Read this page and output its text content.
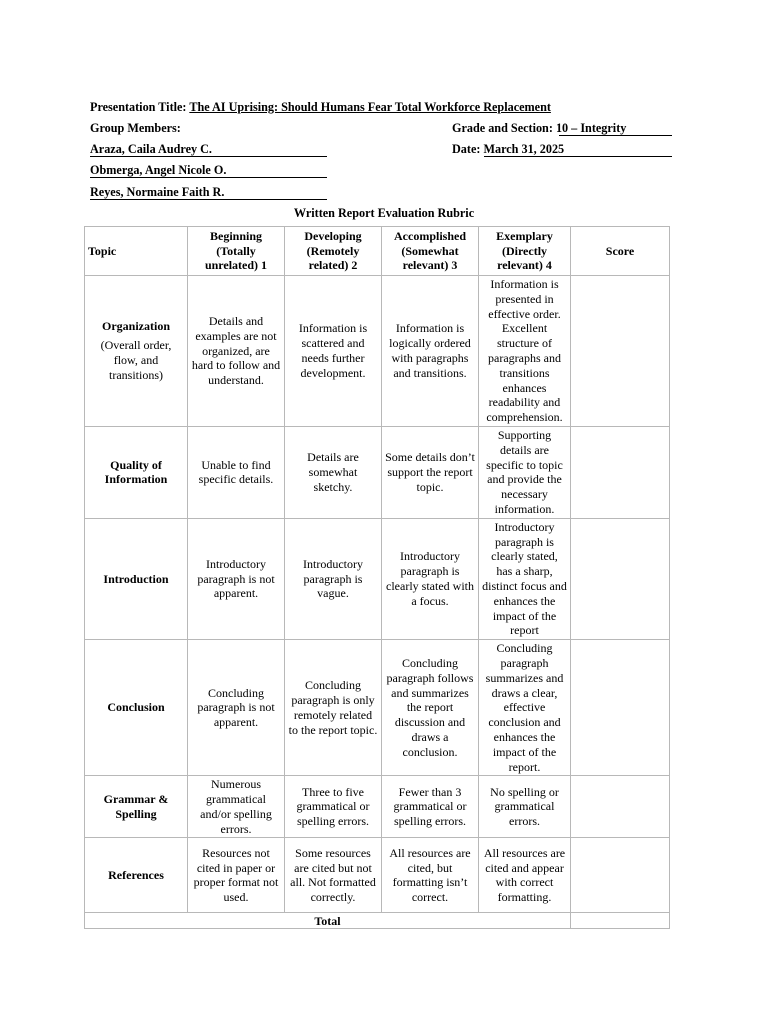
Presentation Title: The AI Uprising: Should Humans Fear Total Workforce Replacement
Group Members:	Grade and Section: 10 – Integrity
Araza, Caila Audrey C.	Date: March 31, 2025
Obmerga, Angel Nicole O.
Reyes, Normaine Faith R.
Written Report Evaluation Rubric
Topic	Beginning (Totally unrelated) 1	Developing (Remotely related) 2	Accomplished (Somewhat relevant) 3	Exemplary (Directly relevant) 4	Score
Organization
(Overall order, flow, and transitions)	Details and examples are not organized, are hard to follow and understand.	Information is scattered and needs further development.	Information is logically ordered with paragraphs and transitions.	Information is presented in effective order. Excellent structure of paragraphs and transitions enhances readability and comprehension.	
Quality of Information	Unable to find specific details.	Details are somewhat sketchy.	Some details don’t support the report topic.	Supporting details are specific to topic and provide the necessary information.	
Introduction	Introductory paragraph is not apparent.	Introductory paragraph is vague.	Introductory paragraph is clearly stated with a focus.	Introductory paragraph is clearly stated, has a sharp, distinct focus and enhances the impact of the report	
Conclusion	Concluding paragraph is not apparent.	Concluding paragraph is only remotely related to the report topic.	Concluding paragraph follows and summarizes the report discussion and draws a conclusion.	Concluding paragraph summarizes and draws a clear, effective conclusion and enhances the impact of the report.	
Grammar & Spelling	Numerous grammatical and/or spelling errors.	Three to five grammatical or spelling errors.	Fewer than 3 grammatical or spelling errors.	No spelling or grammatical errors.	
References	Resources not cited in paper or proper format not used.	Some resources are cited but not all. Not formatted correctly.	All resources are cited, but formatting isn’t correct.	All resources are cited and appear with correct formatting.	
Total					
